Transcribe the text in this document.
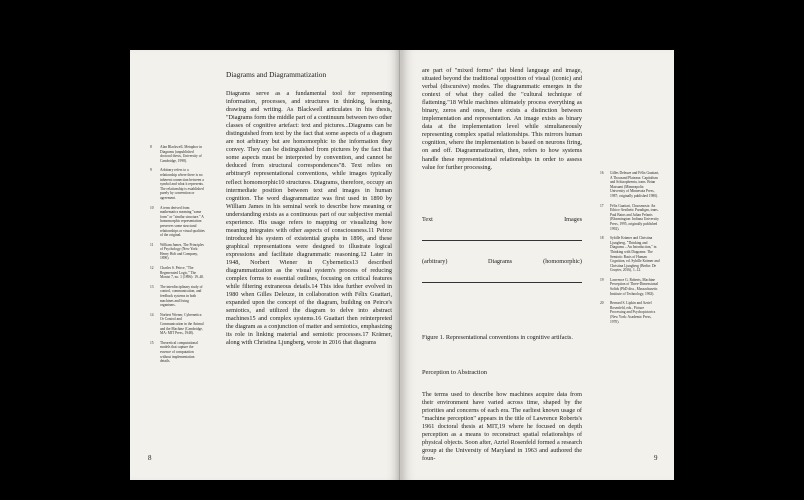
8	Alan Blackwell, Metaphor in Diagrams (unpublished doctoral thesis, University of Cambridge, 1998).
9	Arbitrary refers to a relationship where there is no inherent connection between a symbol and what it represents. The relationship is established purely by convention or agreement.
10	A term derived from mathematics meaning "same form" or "similar structure." A homomorphic representation preserves some structural relationships or visual qualities of the original.
11	William James, The Principles of Psychology (New York: Henry Holt and Company, 1890).
12	Charles S. Peirce, "The Regenerated Logic," The Monist 7, no. 1 (1896): 19–40.
13	The interdisciplinary study of control, communication, and feedback systems in both machines and living organisms.
14	Norbert Wiener, Cybernetics: Or Control and Communication in the Animal and the Machine (Cambridge, MA: MIT Press, 1948).
15	Theoretical computational models that capture the essence of computation without implementation details.
Diagrams and Diagrammatization

Diagrams serve as a fundamental tool for representing information, processes, and structures in thinking, learning, drawing and writing. As Blackwell articulates in his thesis, "Diagrams form the middle part of a continuum between two other classes of cognitive artefact: text and pictures...Diagrams can be distinguished from text by the fact that some aspects of a diagram are not arbitrary but are homomorphic to the information they convey. They can be distinguished from pictures by the fact that some aspects must be interpreted by convention, and cannot be deduced from structural correspondences"8. Text relies on arbitrary9 representational conventions, while images typically reflect homomorphic10 structures. Diagrams, therefore, occupy an intermediate position between text and images in human cognition. The word diagrammatize was first used in 1890 by William James in his seminal work to describe how meaning or understanding exists as a continuous part of our subjective mental experience. His usage refers to mapping or visualizing how meaning integrates with other aspects of consciousness.11 Peirce introduced his system of existential graphs in 1896, and these graphical representations were designed to illustrate logical expressions and facilitate diagrammatic reasoning.12 Later in 1948, Norbert Wiener in Cybernetics13 described diagrammatization as the visual system's process of reducing complex forms to essential outlines, focusing on critical features while filtering extraneous details.14 This idea further evolved in 1980 when Gilles Deleuze, in collaboration with Félix Guattari, expanded upon the concept of the diagram, building on Peirce's semiotics, and utilized the diagram to delve into abstract machines15 and complex systems.16 Guattari then reinterpreted the diagram as a conjunction of matter and semiotics, emphasizing its role in linking material and semiotic processes.17 Krämer, along with Christina Ljungberg, wrote in 2016 that diagrams

8

are part of "mixed forms" that blend language and image, situated beyond the traditional opposition of visual (iconic) and verbal (discursive) modes. The diagrammatic emerges in the context of what they called the "cultural technique of flattening."18 While machines ultimately process everything as binary, zeros and ones, there exists a distinction between implementation and representation. An image exists as binary data at the implementation level while simultaneously representing complex spatial relationships. This mirrors human cognition, where the implementation is based on neurons firing, on and off. Diagrammatization, then, refers to how systems handle these representational relationships in order to assess value for further processing.

Text	Images
(arbitrary)	Diagrams	(homomorphic)
Figure 1. Representational conventions in cognitive artifacts.
Perception to Abstraction

The terms used to describe how machines acquire data from their environment have varied across time, shaped by the priorities and concerns of each era. The earliest known usage of "machine perception" appears in the title of Lawrence Roberts's 1961 doctoral thesis at MIT,19 where he focused on depth perception as a means to reconstruct spatial relationships of physical objects. Soon after, Azriel Rosenfeld formed a research group at the University of Maryland in 1963 and authored the foun-

16	Gilles Deleuze and Félix Guattari, A Thousand Plateaus: Capitalism and Schizophrenia, trans. Brian Massumi (Minneapolis: University of Minnesota Press, 1987; originally published 1980).
17	Félix Guattari, Chaosmosis: An Ethico-Aesthetic Paradigm, trans. Paul Bains and Julian Pefanis (Bloomington: Indiana University Press, 1995, originally published 1992).
18	Sybille Krämer and Christina Ljungberg, "Thinking and Diagrams – An Introduction," in Thinking with Diagrams: The Semiotic Basis of Human Cognition, ed. Sybille Krämer and Christina Ljungberg (Berlin: De Gruyter, 2016), 1–12.
19	Lawrence G. Roberts, Machine Perception of Three-Dimensional Solids (PhD diss., Massachusetts Institute of Technology, 1963).
20	Bernard S. Lipkin and Azriel Rosenfeld, eds., Picture Processing and Psychopictorics (New York: Academic Press, 1970).
9
